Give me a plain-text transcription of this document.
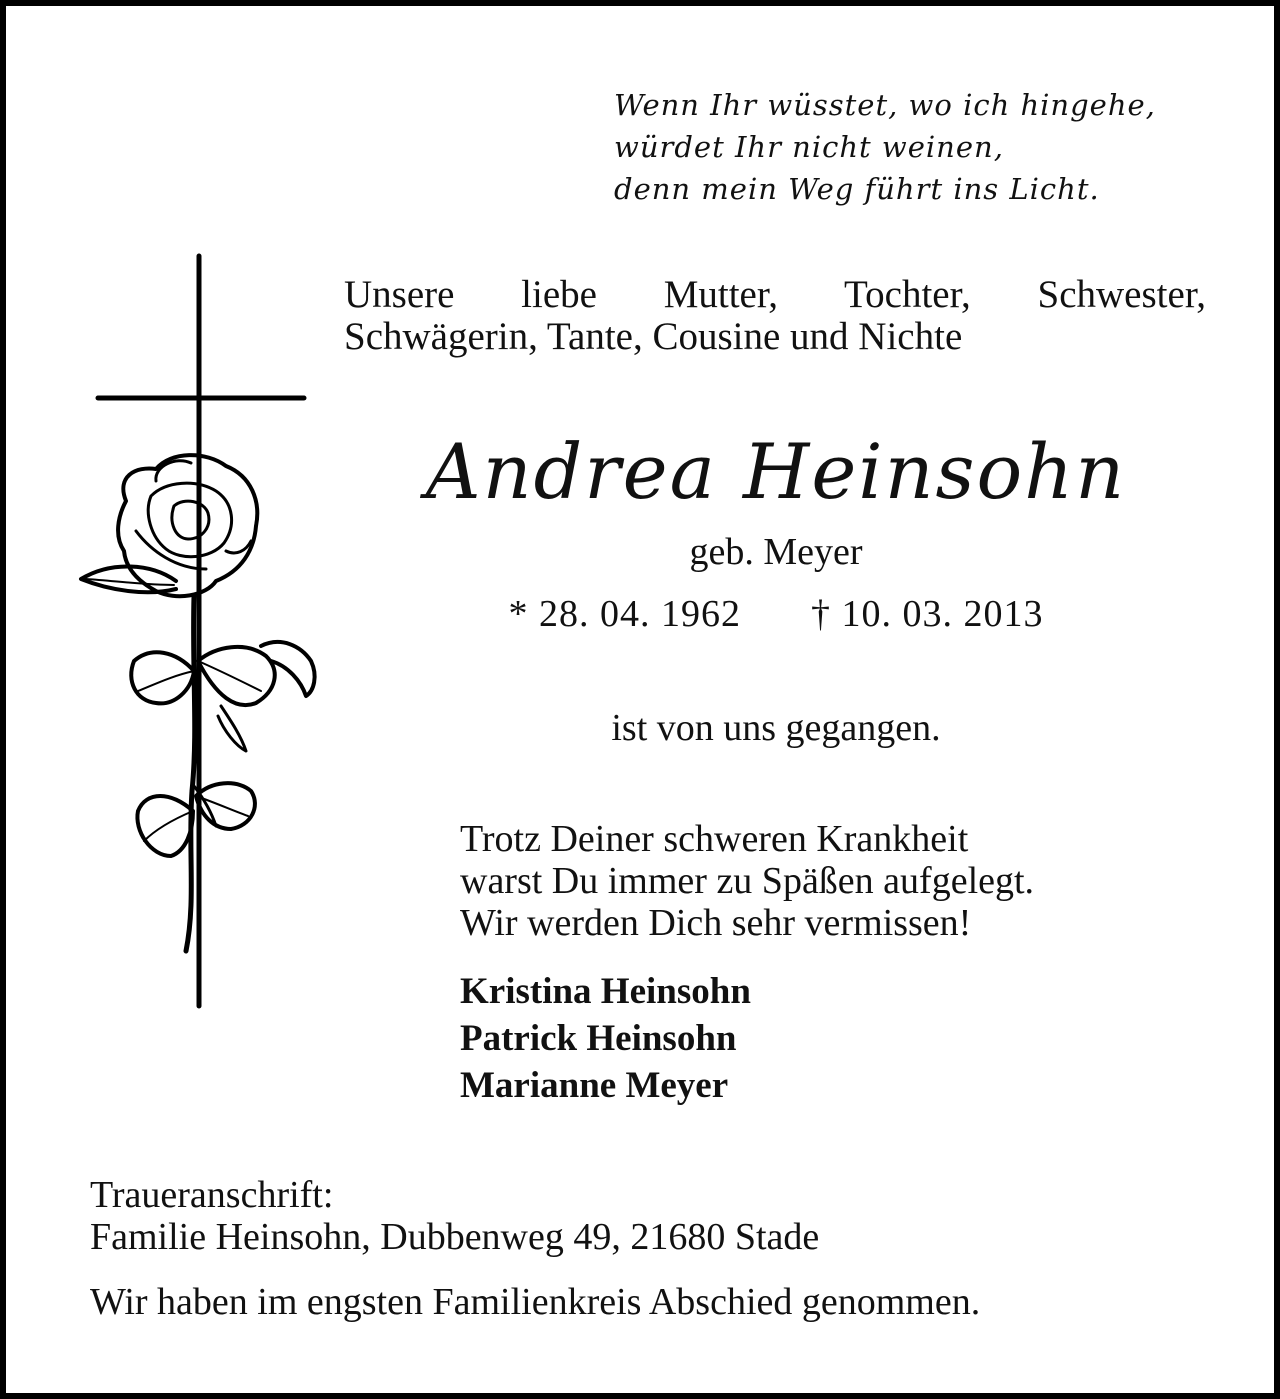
Wenn Ihr wüsstet, wo ich hingehe,
würdet Ihr nicht weinen,
denn mein Weg führt ins Licht.
Unsere liebe Mutter, Tochter, Schwester,
Schwägerin, Tante, Cousine und Nichte
Andrea Heinsohn
geb. Meyer
* 28. 04. 1962 † 10. 03. 2013
ist von uns gegangen.
Trotz Deiner schweren Krankheit
warst Du immer zu Späßen aufgelegt.
Wir werden Dich sehr vermissen!
Kristina Heinsohn
Patrick Heinsohn
Marianne Meyer
Traueranschrift:
Familie Heinsohn, Dubbenweg 49, 21680 Stade
Wir haben im engsten Familienkreis Abschied genommen.
